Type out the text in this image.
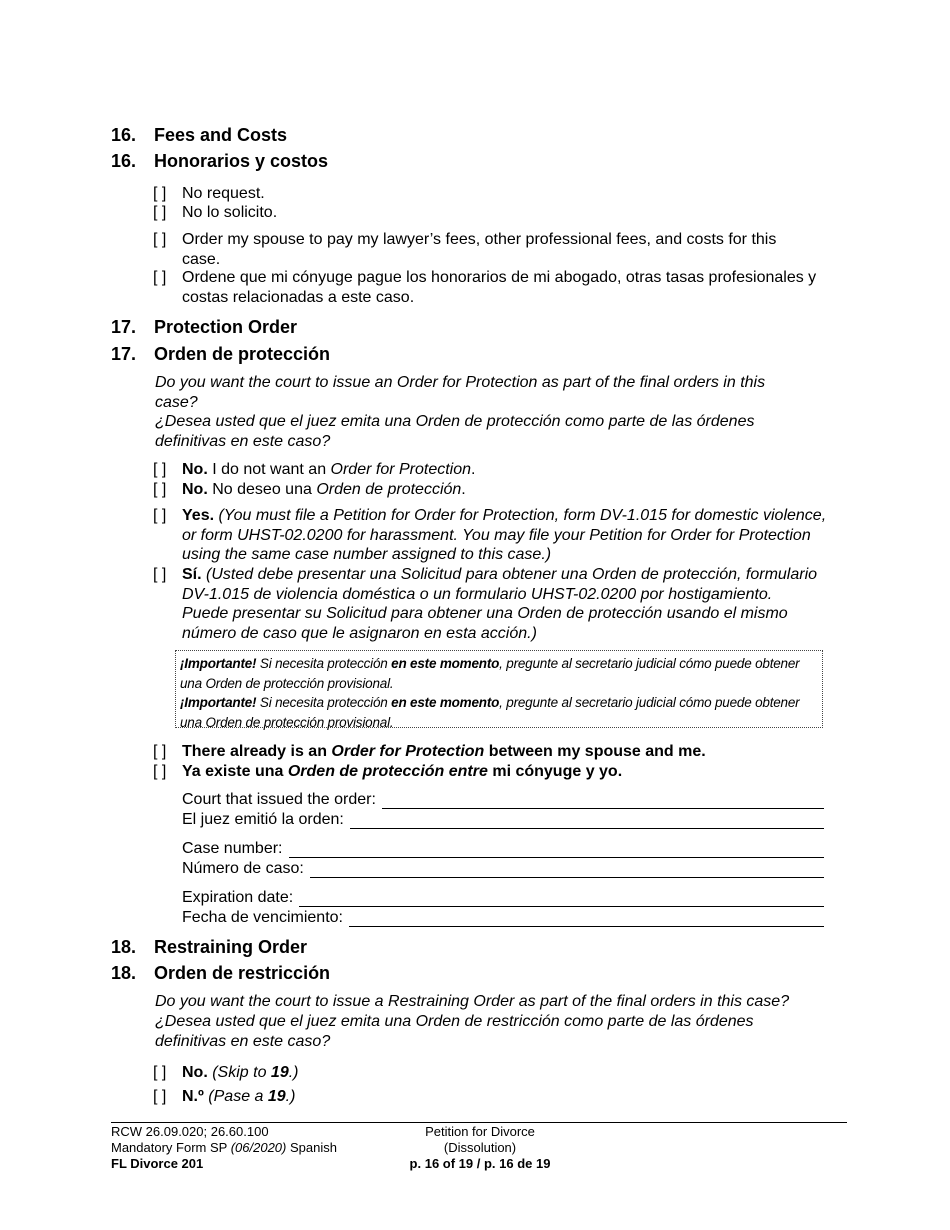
16. Fees and Costs
16. Honorarios y costos
[ ] No request.
[ ] No lo solicito.
[ ] Order my spouse to pay my lawyer’s fees, other professional fees, and costs for this case.
[ ] Ordene que mi cónyuge pague los honorarios de mi abogado, otras tasas profesionales y costas relacionadas a este caso.
17. Protection Order
17. Orden de protección
Do you want the court to issue an Order for Protection as part of the final orders in this case?
¿Desea usted que el juez emita una Orden de protección como parte de las órdenes definitivas en este caso?
[ ] No. I do not want an Order for Protection.
[ ] No. No deseo una Orden de protección.
[ ] Yes. (You must file a Petition for Order for Protection, form DV-1.015 for domestic violence, or form UHST-02.0200 for harassment. You may file your Petition for Order for Protection using the same case number assigned to this case.)
[ ] Sí. (Usted debe presentar una Solicitud para obtener una Orden de protección, formulario DV-1.015 de violencia doméstica o un formulario UHST-02.0200 por hostigamiento. Puede presentar su Solicitud para obtener una Orden de protección usando el mismo número de caso que le asignaron en esta acción.)
¡Importante! Si necesita protección en este momento, pregunte al secretario judicial cómo puede obtener una Orden de protección provisional.
¡Importante! Si necesita protección en este momento, pregunte al secretario judicial cómo puede obtener una Orden de protección provisional.
[ ] There already is an Order for Protection between my spouse and me.
[ ] Ya existe una Orden de protección entre mi cónyuge y yo.
Court that issued the order:
El juez emitió la orden:
Case number:
Número de caso:
Expiration date:
Fecha de vencimiento:
18. Restraining Order
18. Orden de restricción
Do you want the court to issue a Restraining Order as part of the final orders in this case?
¿Desea usted que el juez emita una Orden de restricción como parte de las órdenes definitivas en este caso?
[ ] No. (Skip to 19.)
[ ] N.º (Pase a 19.)
RCW 26.09.020; 26.60.100
Mandatory Form SP (06/2020) Spanish
FL Divorce 201
Petition for Divorce
(Dissolution)
p. 16 of 19 / p. 16 de 19
